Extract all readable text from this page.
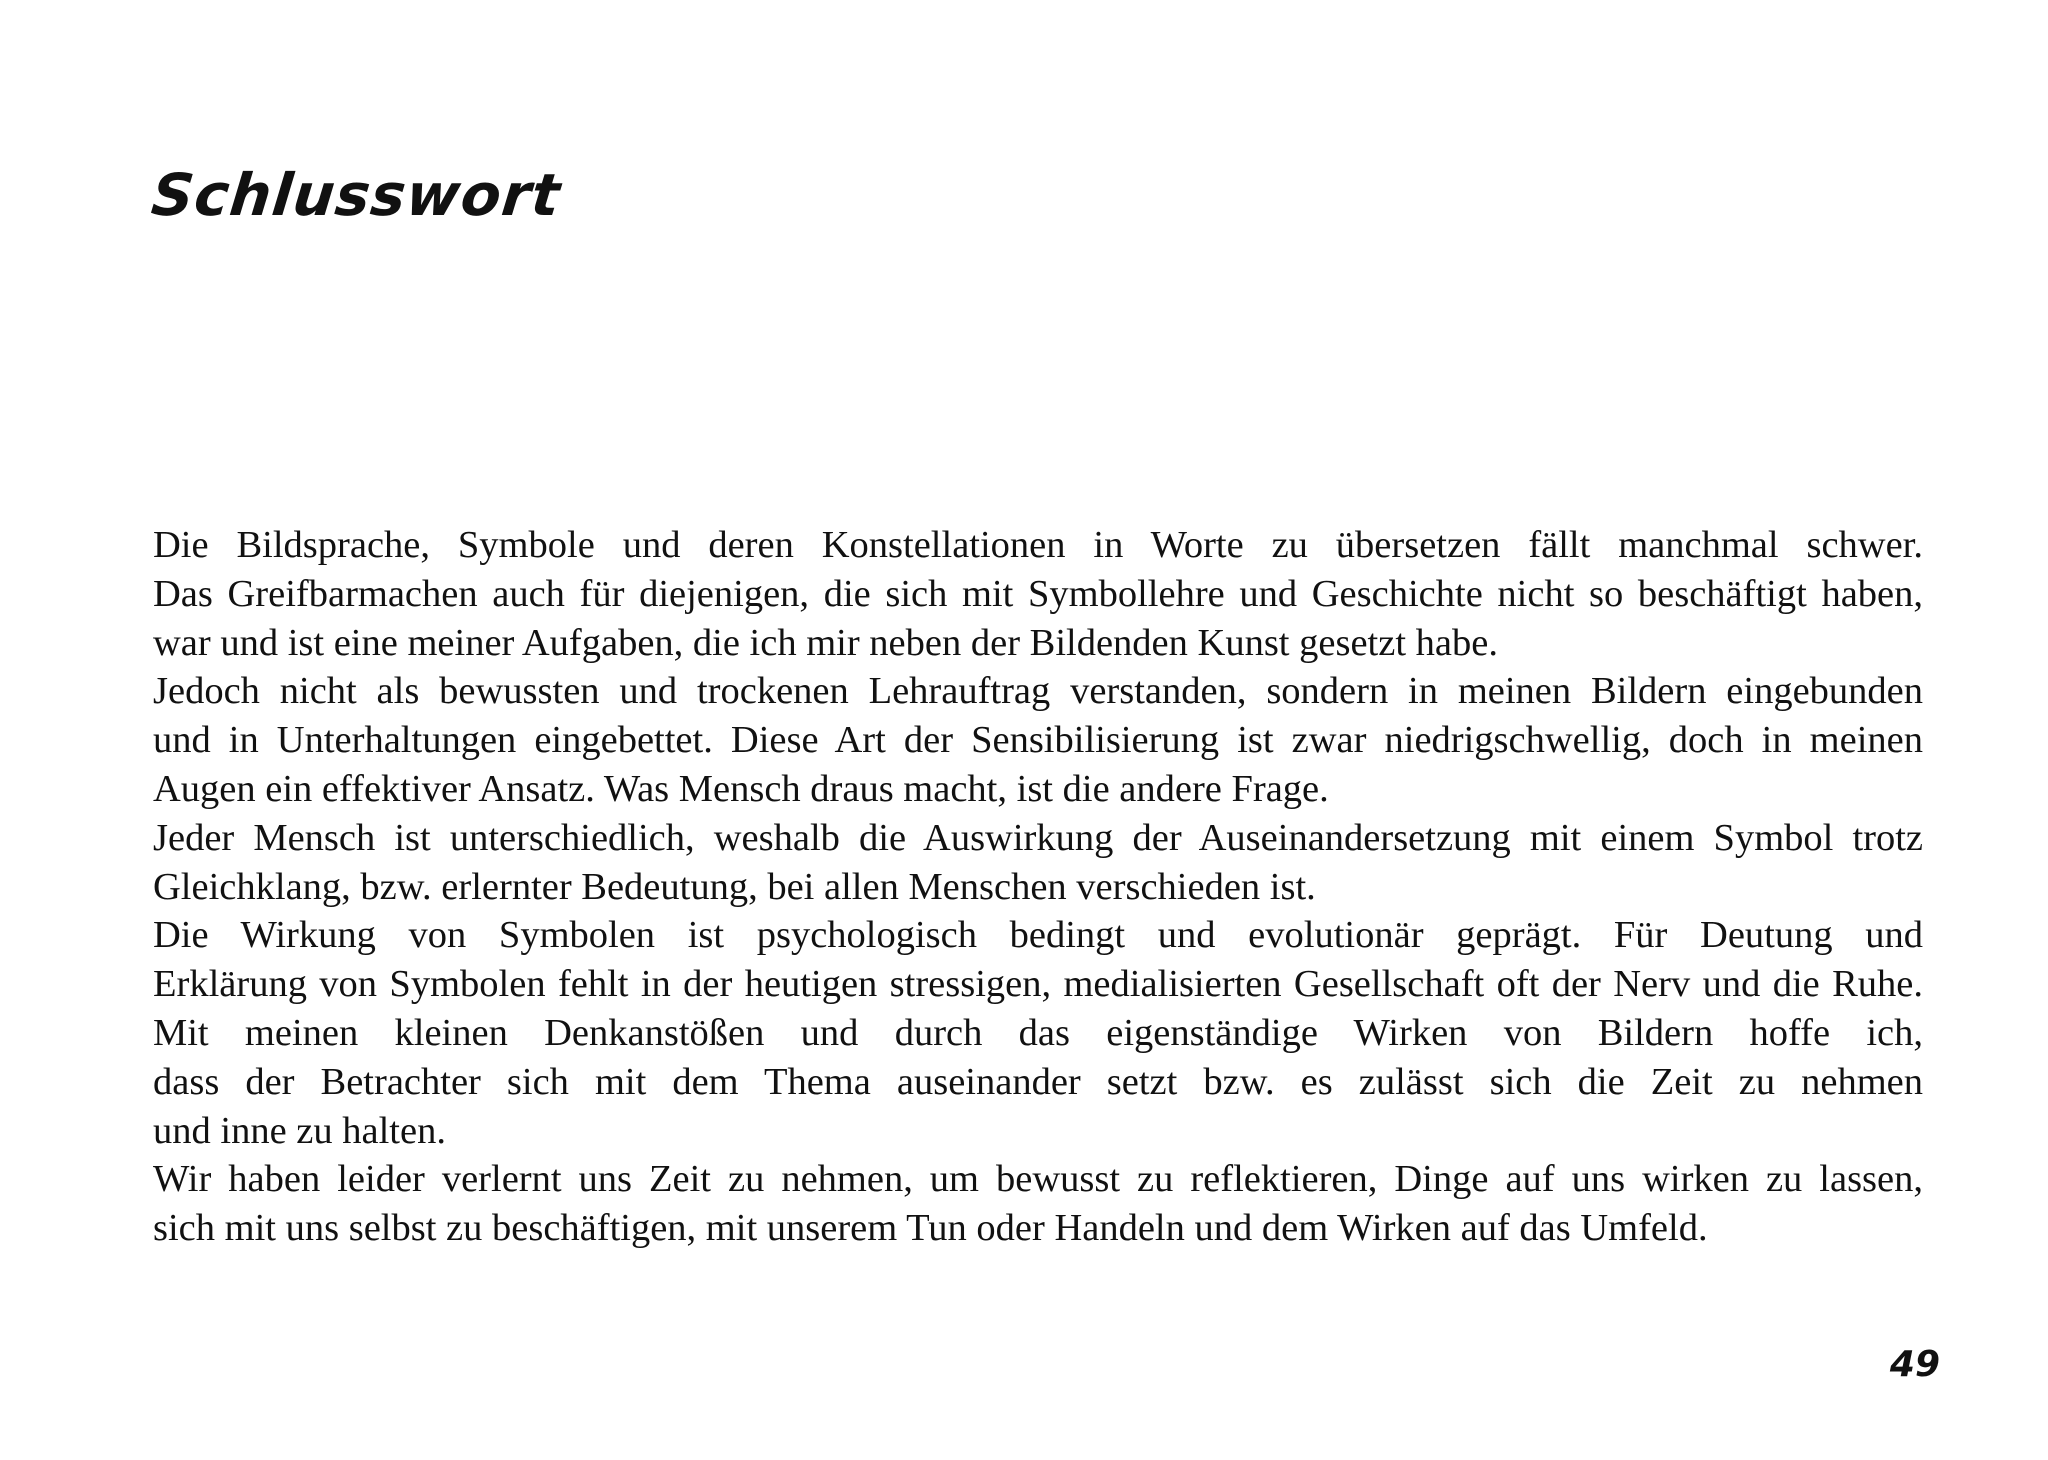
Schlusswort

Die Bildsprache, Symbole und deren Konstellationen in Worte zu übersetzen fällt manchmal schwer.
Das Greifbarmachen auch für diejenigen, die sich mit Symbollehre und Geschichte nicht so beschäftigt haben,
war und ist eine meiner Aufgaben, die ich mir neben der Bildenden Kunst gesetzt habe.

Jedoch nicht als bewussten und trockenen Lehrauftrag verstanden, sondern in meinen Bildern eingebunden
und in Unterhaltungen eingebettet. Diese Art der Sensibilisierung ist zwar niedrigschwellig, doch in meinen
Augen ein effektiver Ansatz. Was Mensch draus macht, ist die andere Frage.

Jeder Mensch ist unterschiedlich, weshalb die Auswirkung der Auseinandersetzung mit einem Symbol trotz
Gleichklang, bzw. erlernter Bedeutung, bei allen Menschen verschieden ist.

Die Wirkung von Symbolen ist psychologisch bedingt und evolutionär geprägt. Für Deutung und
Erklärung von Symbolen fehlt in der heutigen stressigen, medialisierten Gesellschaft oft der Nerv und die Ruhe.
Mit meinen kleinen Denkanstößen und durch das eigenständige Wirken von Bildern hoffe ich,
dass der Betrachter sich mit dem Thema auseinander setzt bzw. es zulässt sich die Zeit zu nehmen
und inne zu halten.

Wir haben leider verlernt uns Zeit zu nehmen, um bewusst zu reflektieren, Dinge auf uns wirken zu lassen,
sich mit uns selbst zu beschäftigen, mit unserem Tun oder Handeln und dem Wirken auf das Umfeld.

49
